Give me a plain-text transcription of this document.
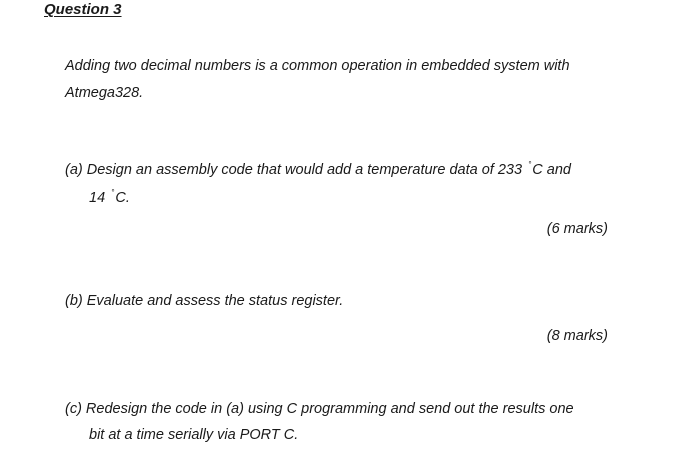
Question 3
Adding two decimal numbers is a common operation in embedded system with
Atmega328.
(a) Design an assembly code that would add a temperature data of 233 °C and
14 °C.
(6 marks)
(b) Evaluate and assess the status register.
(8 marks)
(c) Redesign the code in (a) using C programming and send out the results one
bit at a time serially via PORT C.
